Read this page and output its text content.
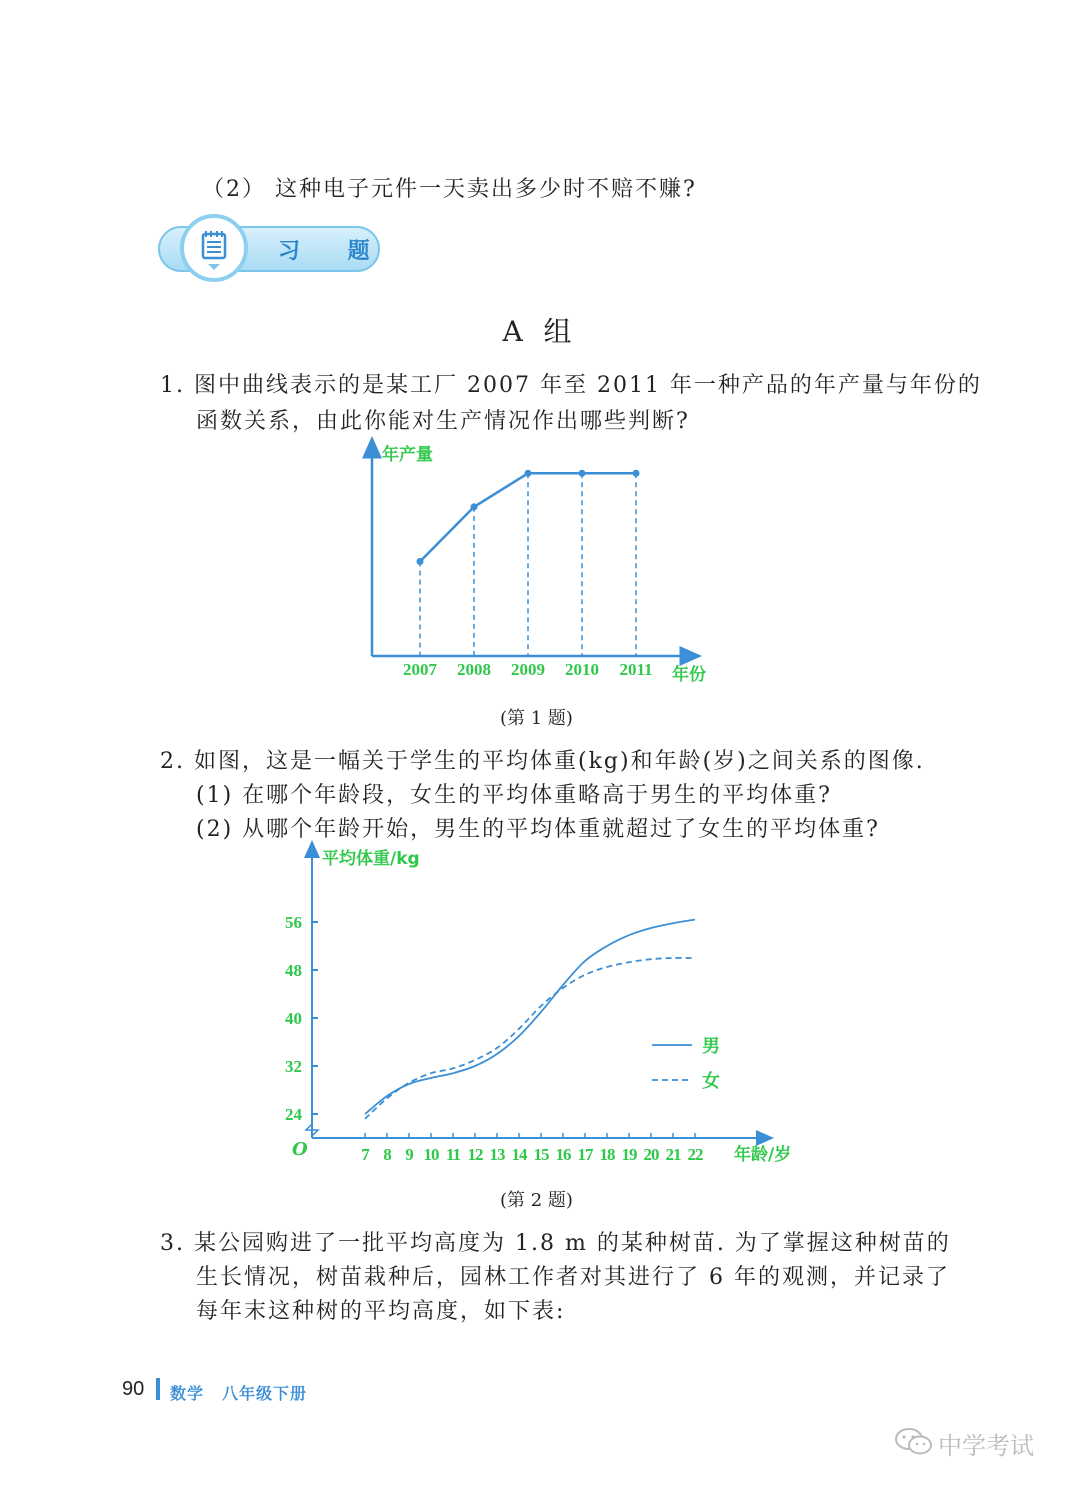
（2） 这种电子元件一天卖出多少时不赔不赚?
习 题
A 组
1. 图中曲线表示的是某工厂 2007 年至 2011 年一种产品的年产量与年份的
函数关系，由此你能对生产情况作出哪些判断?
年产量
年份
2007 2008 2009 2010 2011
(第 1 题)
2. 如图，这是一幅关于学生的平均体重(kg)和年龄(岁)之间关系的图像.
(1) 在哪个年龄段，女生的平均体重略高于男生的平均体重?
(2) 从哪个年龄开始，男生的平均体重就超过了女生的平均体重?
平均体重/kg
年龄/岁
O
24
32
40
48
56
7 8 9 10 11 12 13 14 15 16 17 18 19 20 21 22
男
女
(第 2 题)
3. 某公园购进了一批平均高度为 1.8 m 的某种树苗. 为了掌握这种树苗的
生长情况，树苗栽种后，园林工作者对其进行了 6 年的观测，并记录了
每年末这种树的平均高度，如下表:
90 数学 八年级下册
中学考试
